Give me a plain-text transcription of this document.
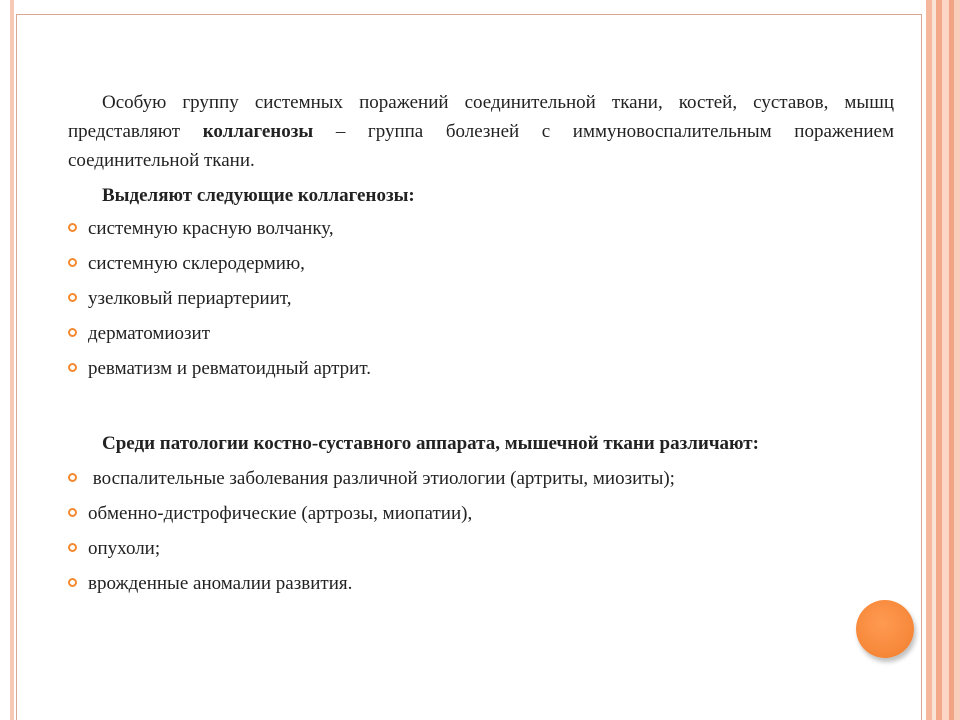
Особую группу системных поражений соединительной ткани, костей, суставов, мышц представляют коллагенозы – группа болезней с иммуновоспалительным поражением соединительной ткани.

Выделяют следующие коллагенозы:

системную красную волчанку,
системную склеродермию,
узелковый периартериит,
дерматомиозит
ревматизм и ревматоидный артрит.

Среди патологии костно-суставного аппарата, мышечной ткани различают:

воспалительные заболевания различной этиологии (артриты, миозиты);
обменно-дистрофические (артрозы, миопатии),
опухоли;
врожденные аномалии развития.
